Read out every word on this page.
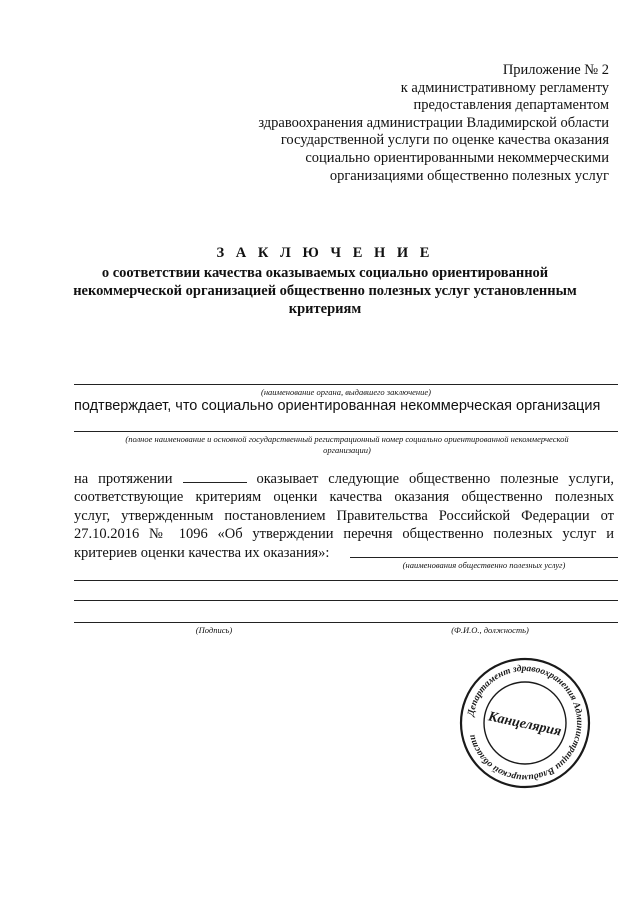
Приложение № 2
к административному регламенту
предоставления департаментом
здравоохранения администрации Владимирской области
государственной услуги по оценке качества оказания
социально ориентированными некоммерческими
организациями общественно полезных услуг
З А К Л Ю Ч Е Н И Е
о соответствии качества оказываемых социально ориентированной
некоммерческой организацией общественно полезных услуг установленным
критериям
(наименование органа, выдавшего заключение)
подтверждает, что социально ориентированная некоммерческая организация
(полное наименование и основной государственный регистрационный номер социально ориентированной некоммерческой
организации)
на протяжении	оказывает следующие общественно полезные услуги,
соответствующие критериям оценки качества оказания общественно полезных
услуг, утвержденным постановлением Правительства Российской Федерации от
27.10.2016 № 1096 «Об утверждении перечня общественно полезных услуг и
критериев оценки качества их оказания»:
(наименования общественно полезных услуг)
(Подпись)	(Ф.И.О., должность)
Департамент здравоохранения Администрации Владимирской области Канцелярия
